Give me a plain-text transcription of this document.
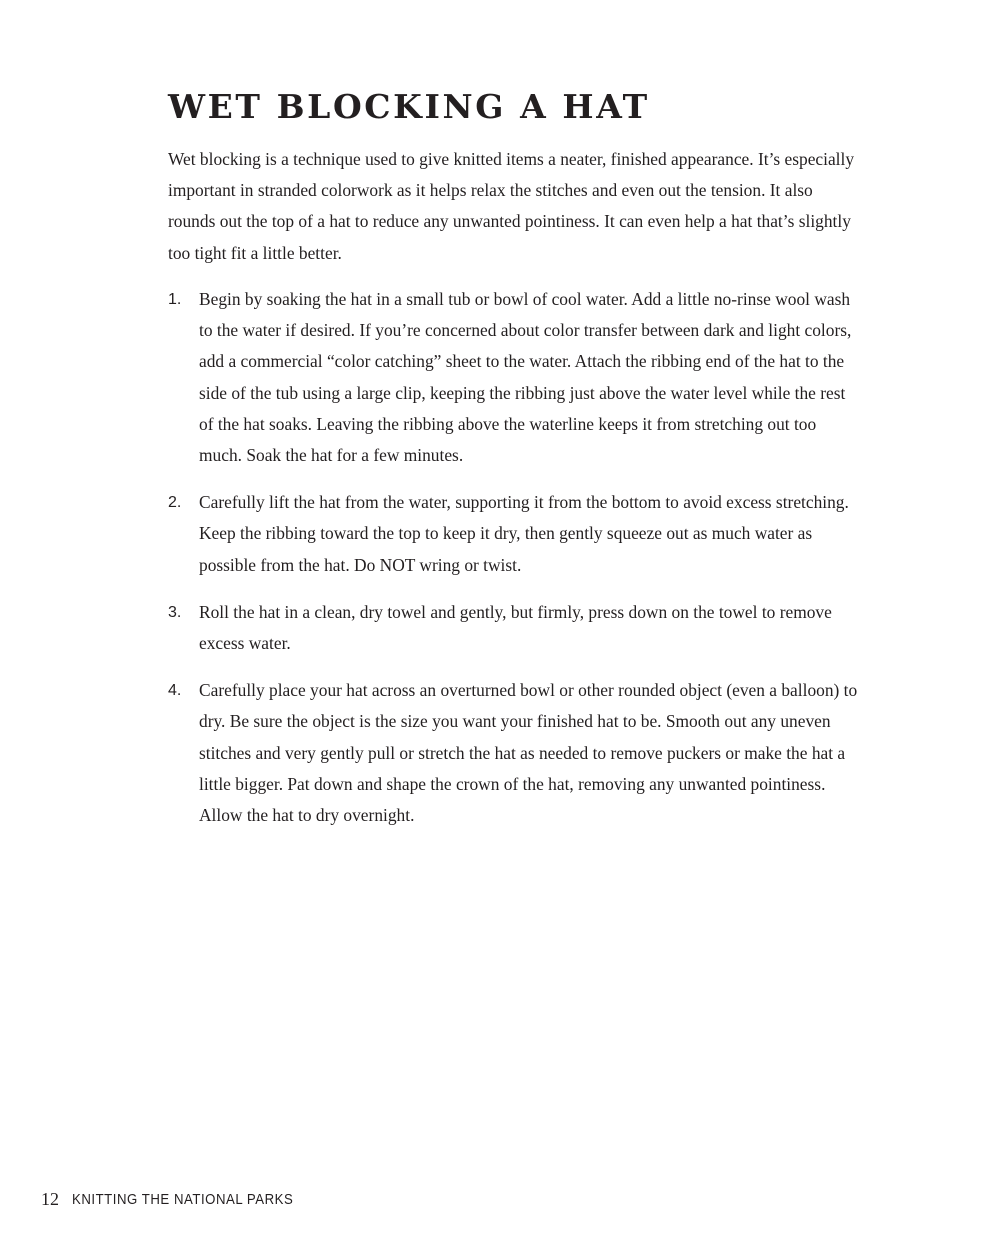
WET BLOCKING A HAT

Wet blocking is a technique used to give knitted items a neater, finished appearance. It’s especially important in stranded colorwork as it helps relax the stitches and even out the tension. It also rounds out the top of a hat to reduce any unwanted pointiness. It can even help a hat that’s slightly too tight fit a little better.

1. Begin by soaking the hat in a small tub or bowl of cool water. Add a little no-rinse wool wash to the water if desired. If you’re concerned about color transfer between dark and light colors, add a commercial “color catching” sheet to the water. Attach the ribbing end of the hat to the side of the tub using a large clip, keeping the ribbing just above the water level while the rest of the hat soaks. Leaving the ribbing above the waterline keeps it from stretching out too much. Soak the hat for a few minutes.
2. Carefully lift the hat from the water, supporting it from the bottom to avoid excess stretching. Keep the ribbing toward the top to keep it dry, then gently squeeze out as much water as possible from the hat. Do NOT wring or twist.
3. Roll the hat in a clean, dry towel and gently, but firmly, press down on the towel to remove excess water.
4. Carefully place your hat across an overturned bowl or other rounded object (even a balloon) to dry. Be sure the object is the size you want your finished hat to be. Smooth out any uneven stitches and very gently pull or stretch the hat as needed to remove puckers or make the hat a little bigger. Pat down and shape the crown of the hat, removing any unwanted pointiness. Allow the hat to dry overnight.
12 KNITTING THE NATIONAL PARKS
